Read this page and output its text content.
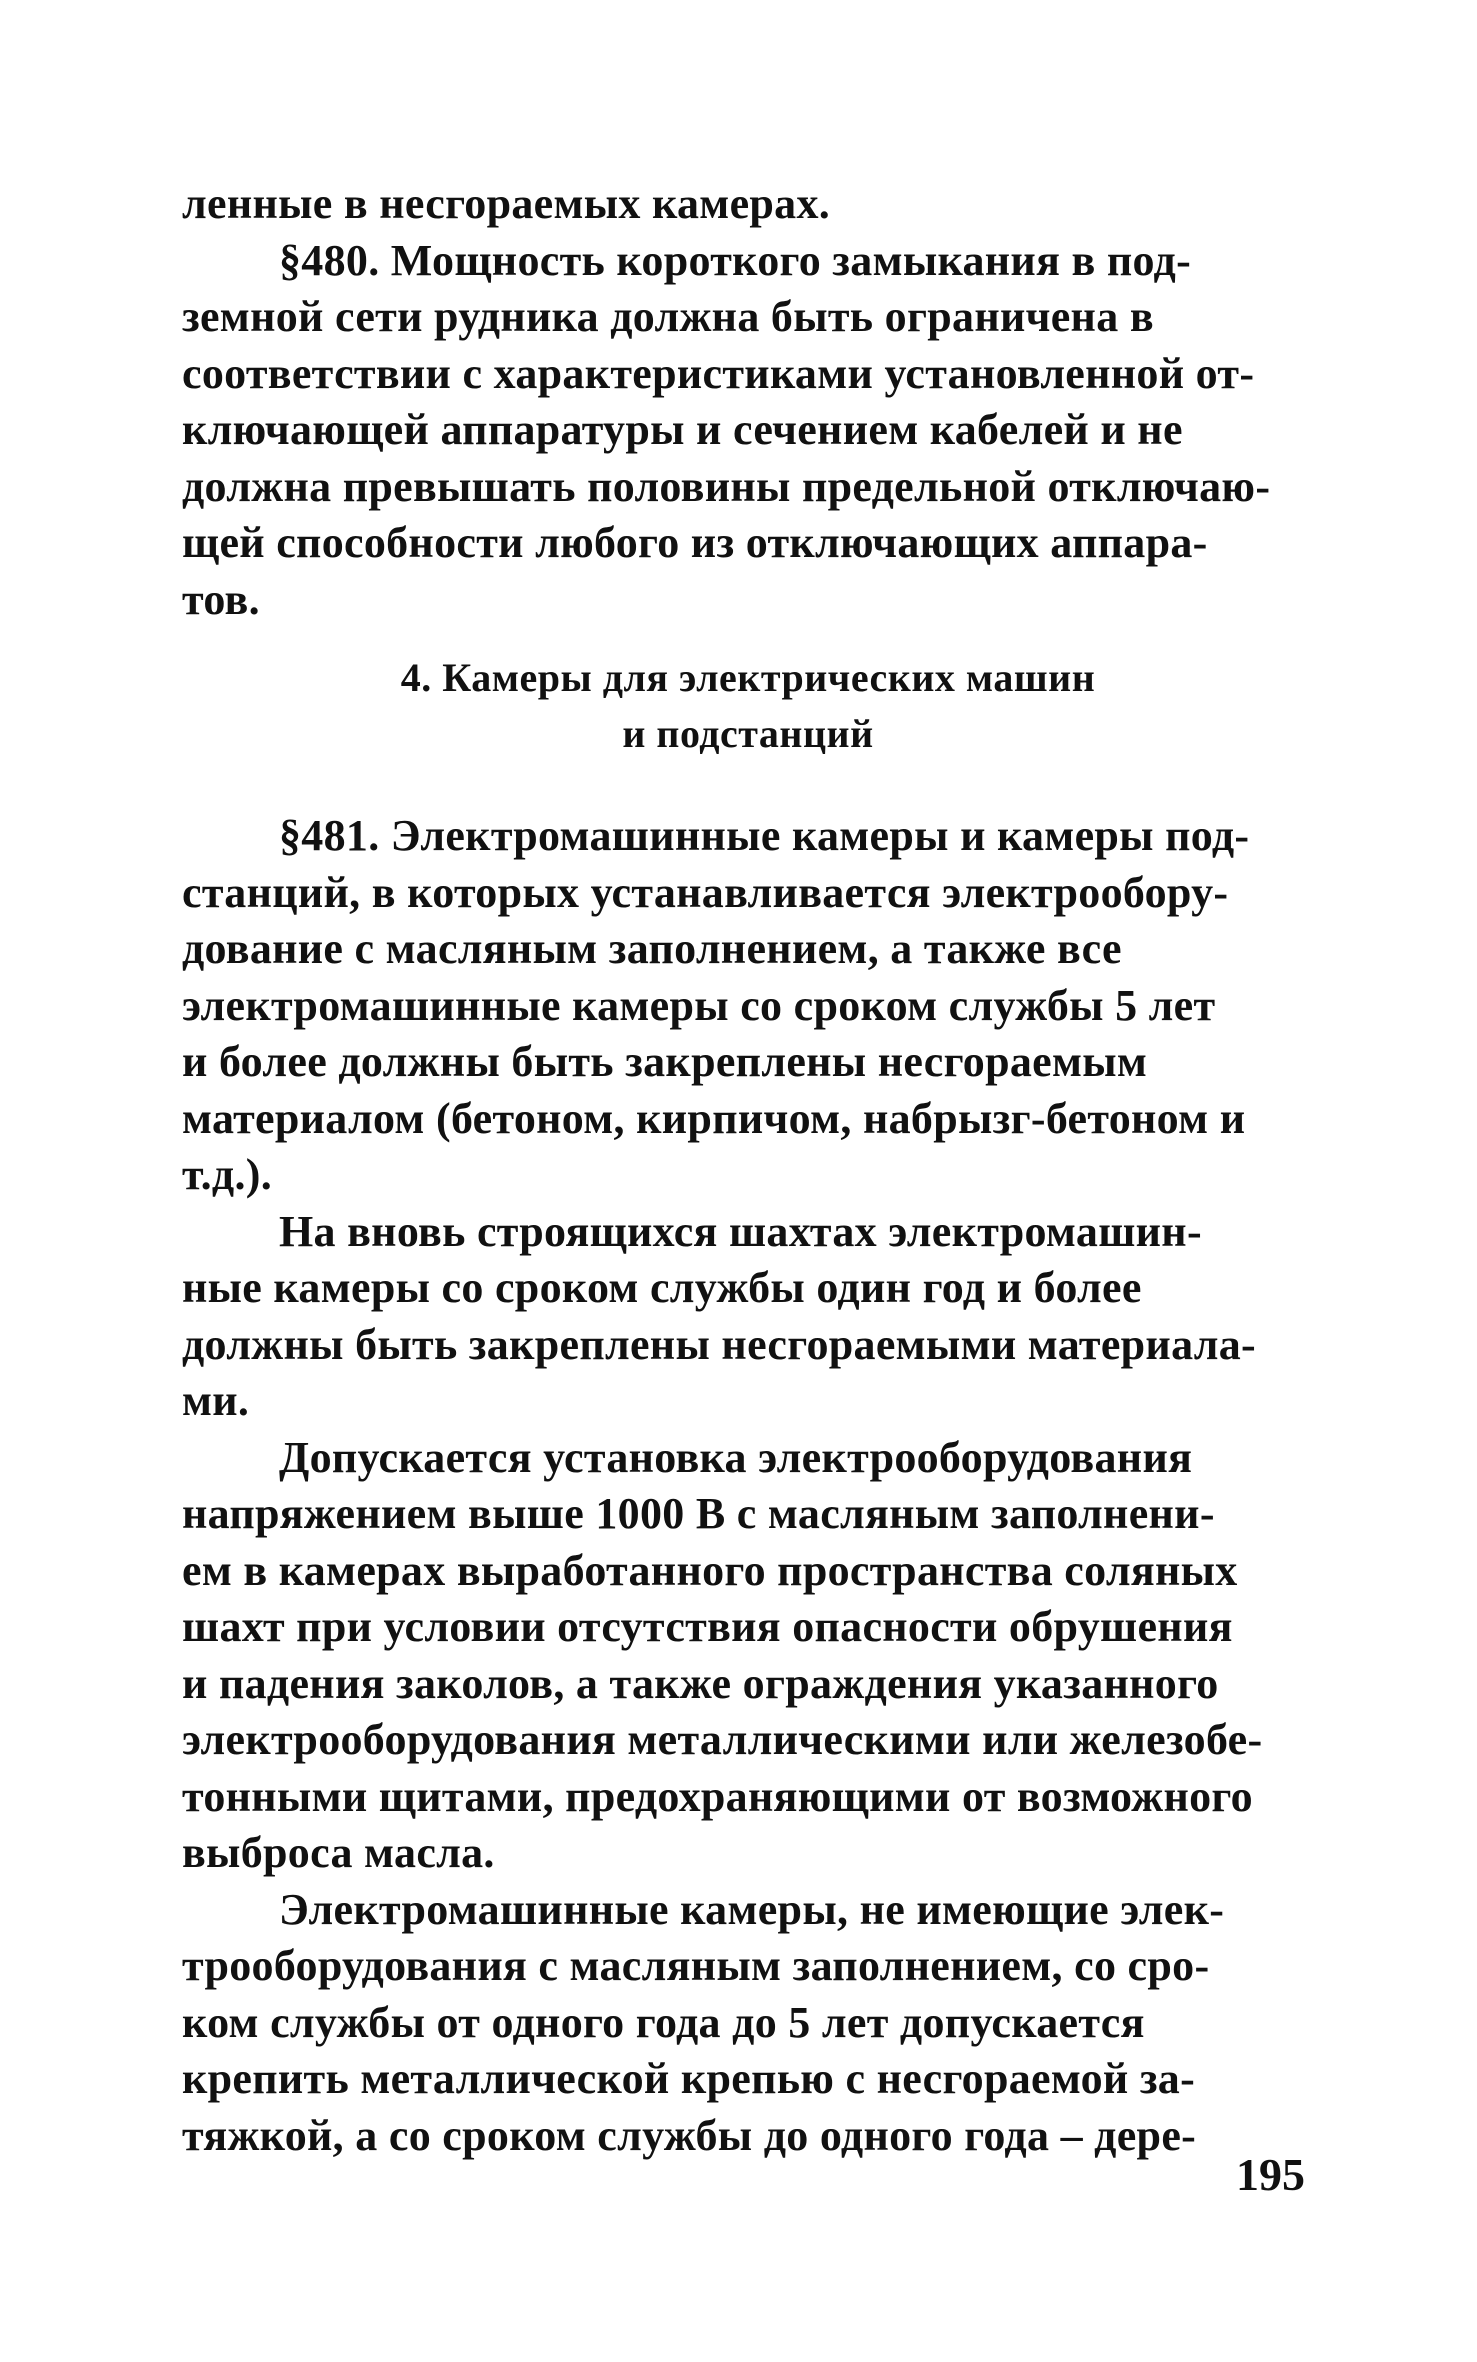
ленные в несгораемых камерах.

§480. Мощность короткого замыкания в под-
земной сети рудника должна быть ограничена в
соответствии с характеристиками установленной от-
ключающей аппаратуры и сечением кабелей и не
должна превышать половины предельной отключаю-
щей способности любого из отключающих аппара-
тов.

4. Камеры для электрических машин
и подстанций

§481. Электромашинные камеры и камеры под-
станций, в которых устанавливается электрообору-
дование с масляным заполнением, а также все
электромашинные камеры со сроком службы 5 лет
и более должны быть закреплены несгораемым
материалом (бетоном, кирпичом, набрызг-бетоном и
т.д.).

На вновь строящихся шахтах электромашин-
ные камеры со сроком службы один год и более
должны быть закреплены несгораемыми материала-
ми.

Допускается установка электрооборудования
напряжением выше 1000 В с масляным заполнени-
ем в камерах выработанного пространства соляных
шахт при условии отсутствия опасности обрушения
и падения заколов, а также ограждения указанного
электрооборудования металлическими или железобе-
тонными щитами, предохраняющими от возможного
выброса масла.

Электромашинные камеры, не имеющие элек-
трооборудования с масляным заполнением, со сро-
ком службы от одного года до 5 лет допускается
крепить металлической крепью с несгораемой за-
тяжкой, а со сроком службы до одного года – дере-

195
